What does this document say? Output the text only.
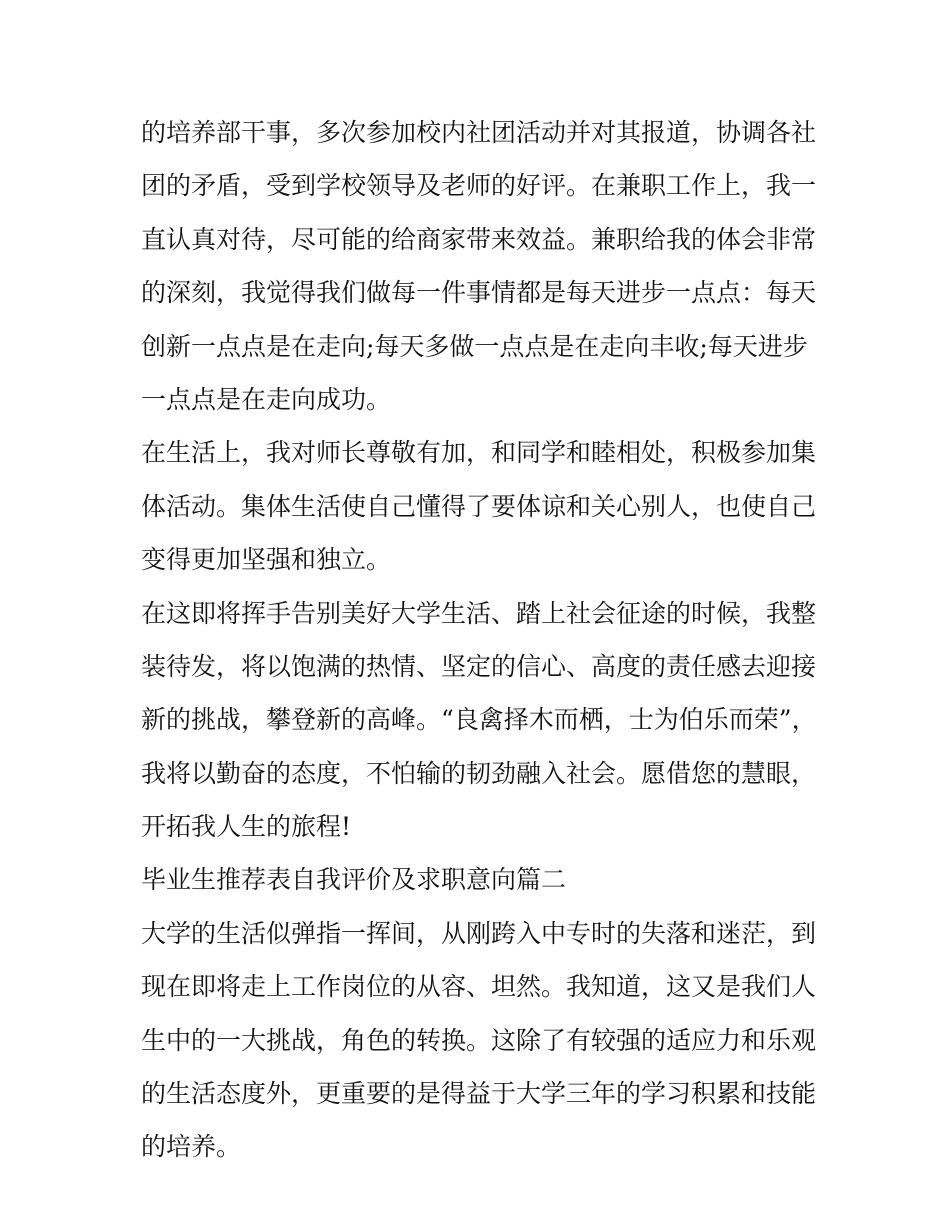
的培养部干事，多次参加校内社团活动并对其报道，协调各社
团的矛盾，受到学校领导及老师的好评。在兼职工作上，我一
直认真对待，尽可能的给商家带来效益。兼职给我的体会非常
的深刻，我觉得我们做每一件事情都是每天进步一点点：每天
创新一点点是在走向;每天多做一点点是在走向丰收;每天进步
一点点是在走向成功。
在生活上，我对师长尊敬有加，和同学和睦相处，积极参加集
体活动。集体生活使自己懂得了要体谅和关心别人，也使自己
变得更加坚强和独立。
在这即将挥手告别美好大学生活、踏上社会征途的时候，我整
装待发，将以饱满的热情、坚定的信心、高度的责任感去迎接
新的挑战，攀登新的高峰。“良禽择木而栖，士为伯乐而荣”，
我将以勤奋的态度，不怕输的韧劲融入社会。愿借您的慧眼，
开拓我人生的旅程!
毕业生推荐表自我评价及求职意向篇二
大学的生活似弹指一挥间，从刚跨入中专时的失落和迷茫，到
现在即将走上工作岗位的从容、坦然。我知道，这又是我们人
生中的一大挑战，角色的转换。这除了有较强的适应力和乐观
的生活态度外，更重要的是得益于大学三年的学习积累和技能
的培养。
